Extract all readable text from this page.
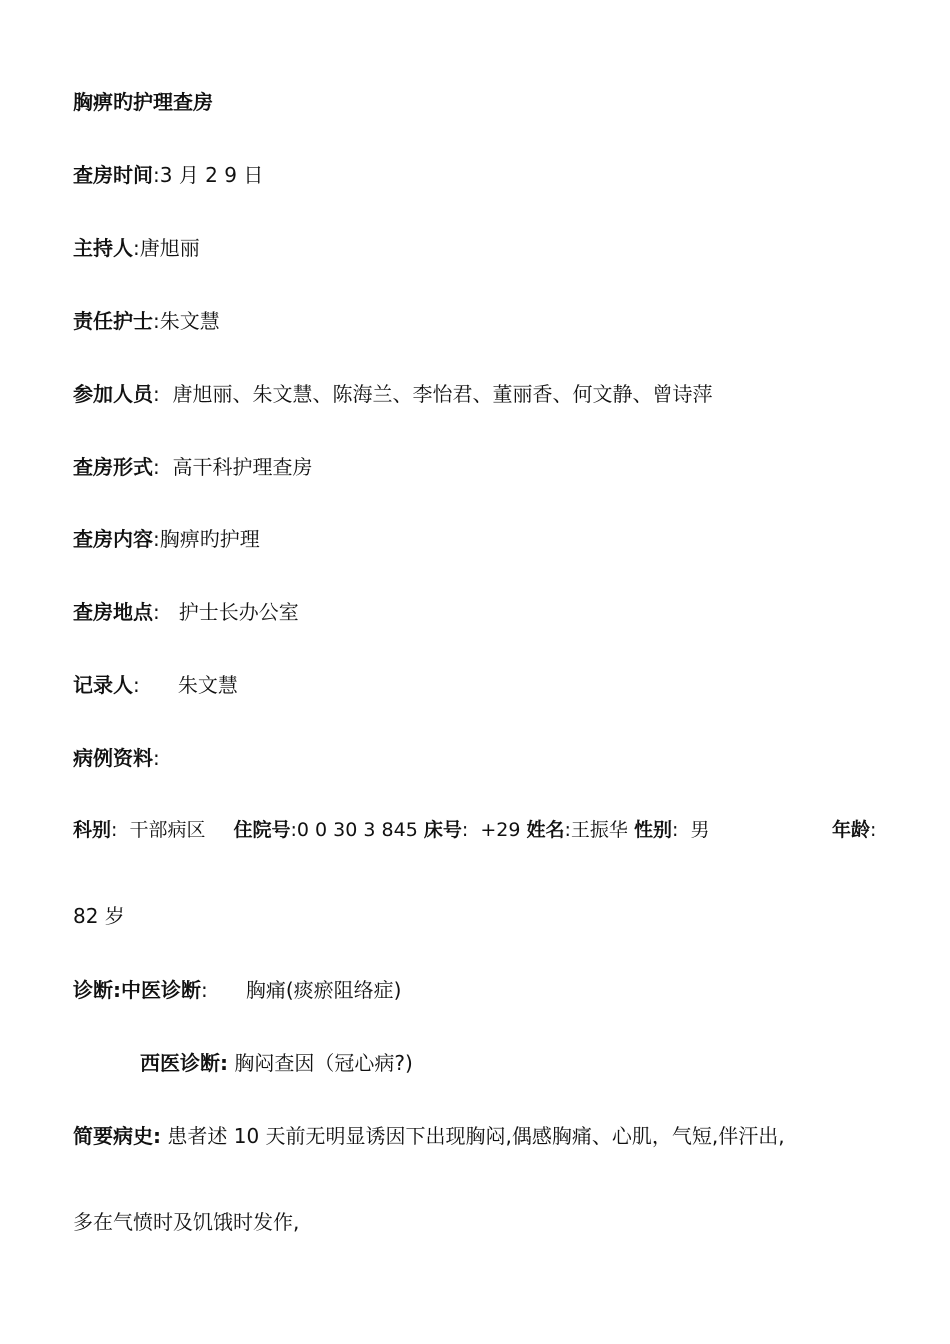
胸痹旳护理查房
查房时间:3 月 2 9 日
主持人:唐旭丽
责任护士:朱文慧
参加人员:  唐旭丽、朱文慧、陈海兰、李怡君、董丽香、何文静、曾诗萍
查房形式:  高干科护理查房
查房内容:胸痹旳护理
查房地点:   护士长办公室
记录人:      朱文慧
病例资料:
科别:  干部病区 住院号:0 0 30 3 845 床号:  +29 姓名:王振华 性别:  男	年龄:
82 岁
诊断:中医诊断:      胸痛(痰瘀阻络症)
西医诊断: 胸闷查因（冠心病?)
简要病史: 患者述 10 天前无明显诱因下出现胸闷,偶感胸痛、心肌，气短,伴汗出,
多在气愤时及饥饿时发作,
